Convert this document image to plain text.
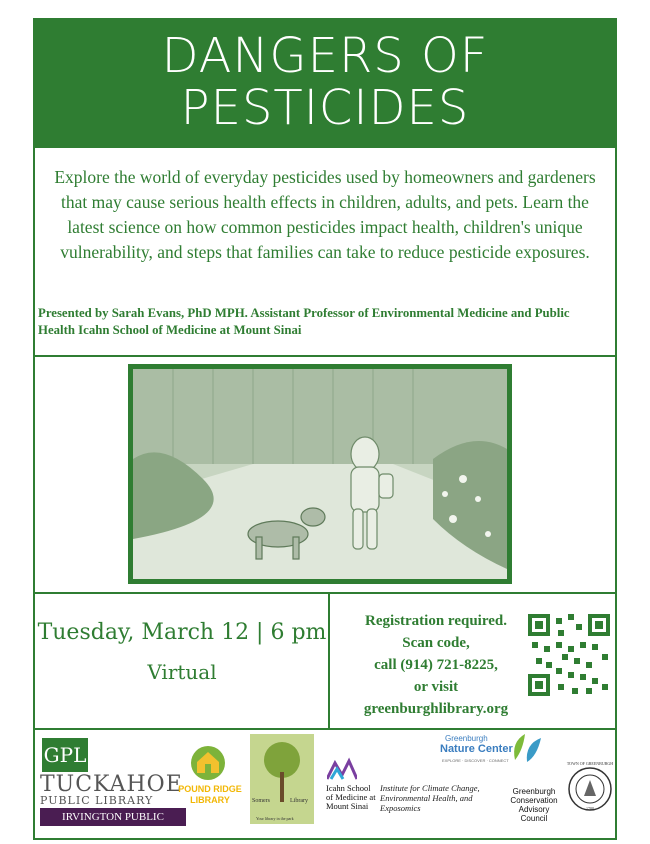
DANGERS OF
PESTICIDES
Explore the world of everyday pesticides used by homeowners and gardeners that may cause serious health effects in children, adults, and pets. Learn the latest science on how common pesticides impact health, children's unique vulnerability, and steps that families can take to reduce pesticide exposures.
Presented by Sarah Evans, PhD MPH. Assistant Professor of Environmental Medicine and Public Health Icahn School of Medicine at Mount Sinai
Tuesday, March 12 | 6 pm
Virtual
Registration required.
Scan code,
call (914) 721-8225,
or visit
greenburghlibrary.org
GPL
TUCKAHOE
PUBLIC LIBRARY
IRVINGTON PUBLIC LIBRARY
POUND RIDGE
LIBRARY	Somers	Library
Your library in the park
Icahn School of Medicine at Mount Sinai
Institute for Climate Change, Environmental Health, and Exposomics
Greenburgh
Nature Center
EXPLORE · DISCOVER · CONNECT
Greenburgh Conservation Advisory Council
TOWN OF GREENBURGH
1788
